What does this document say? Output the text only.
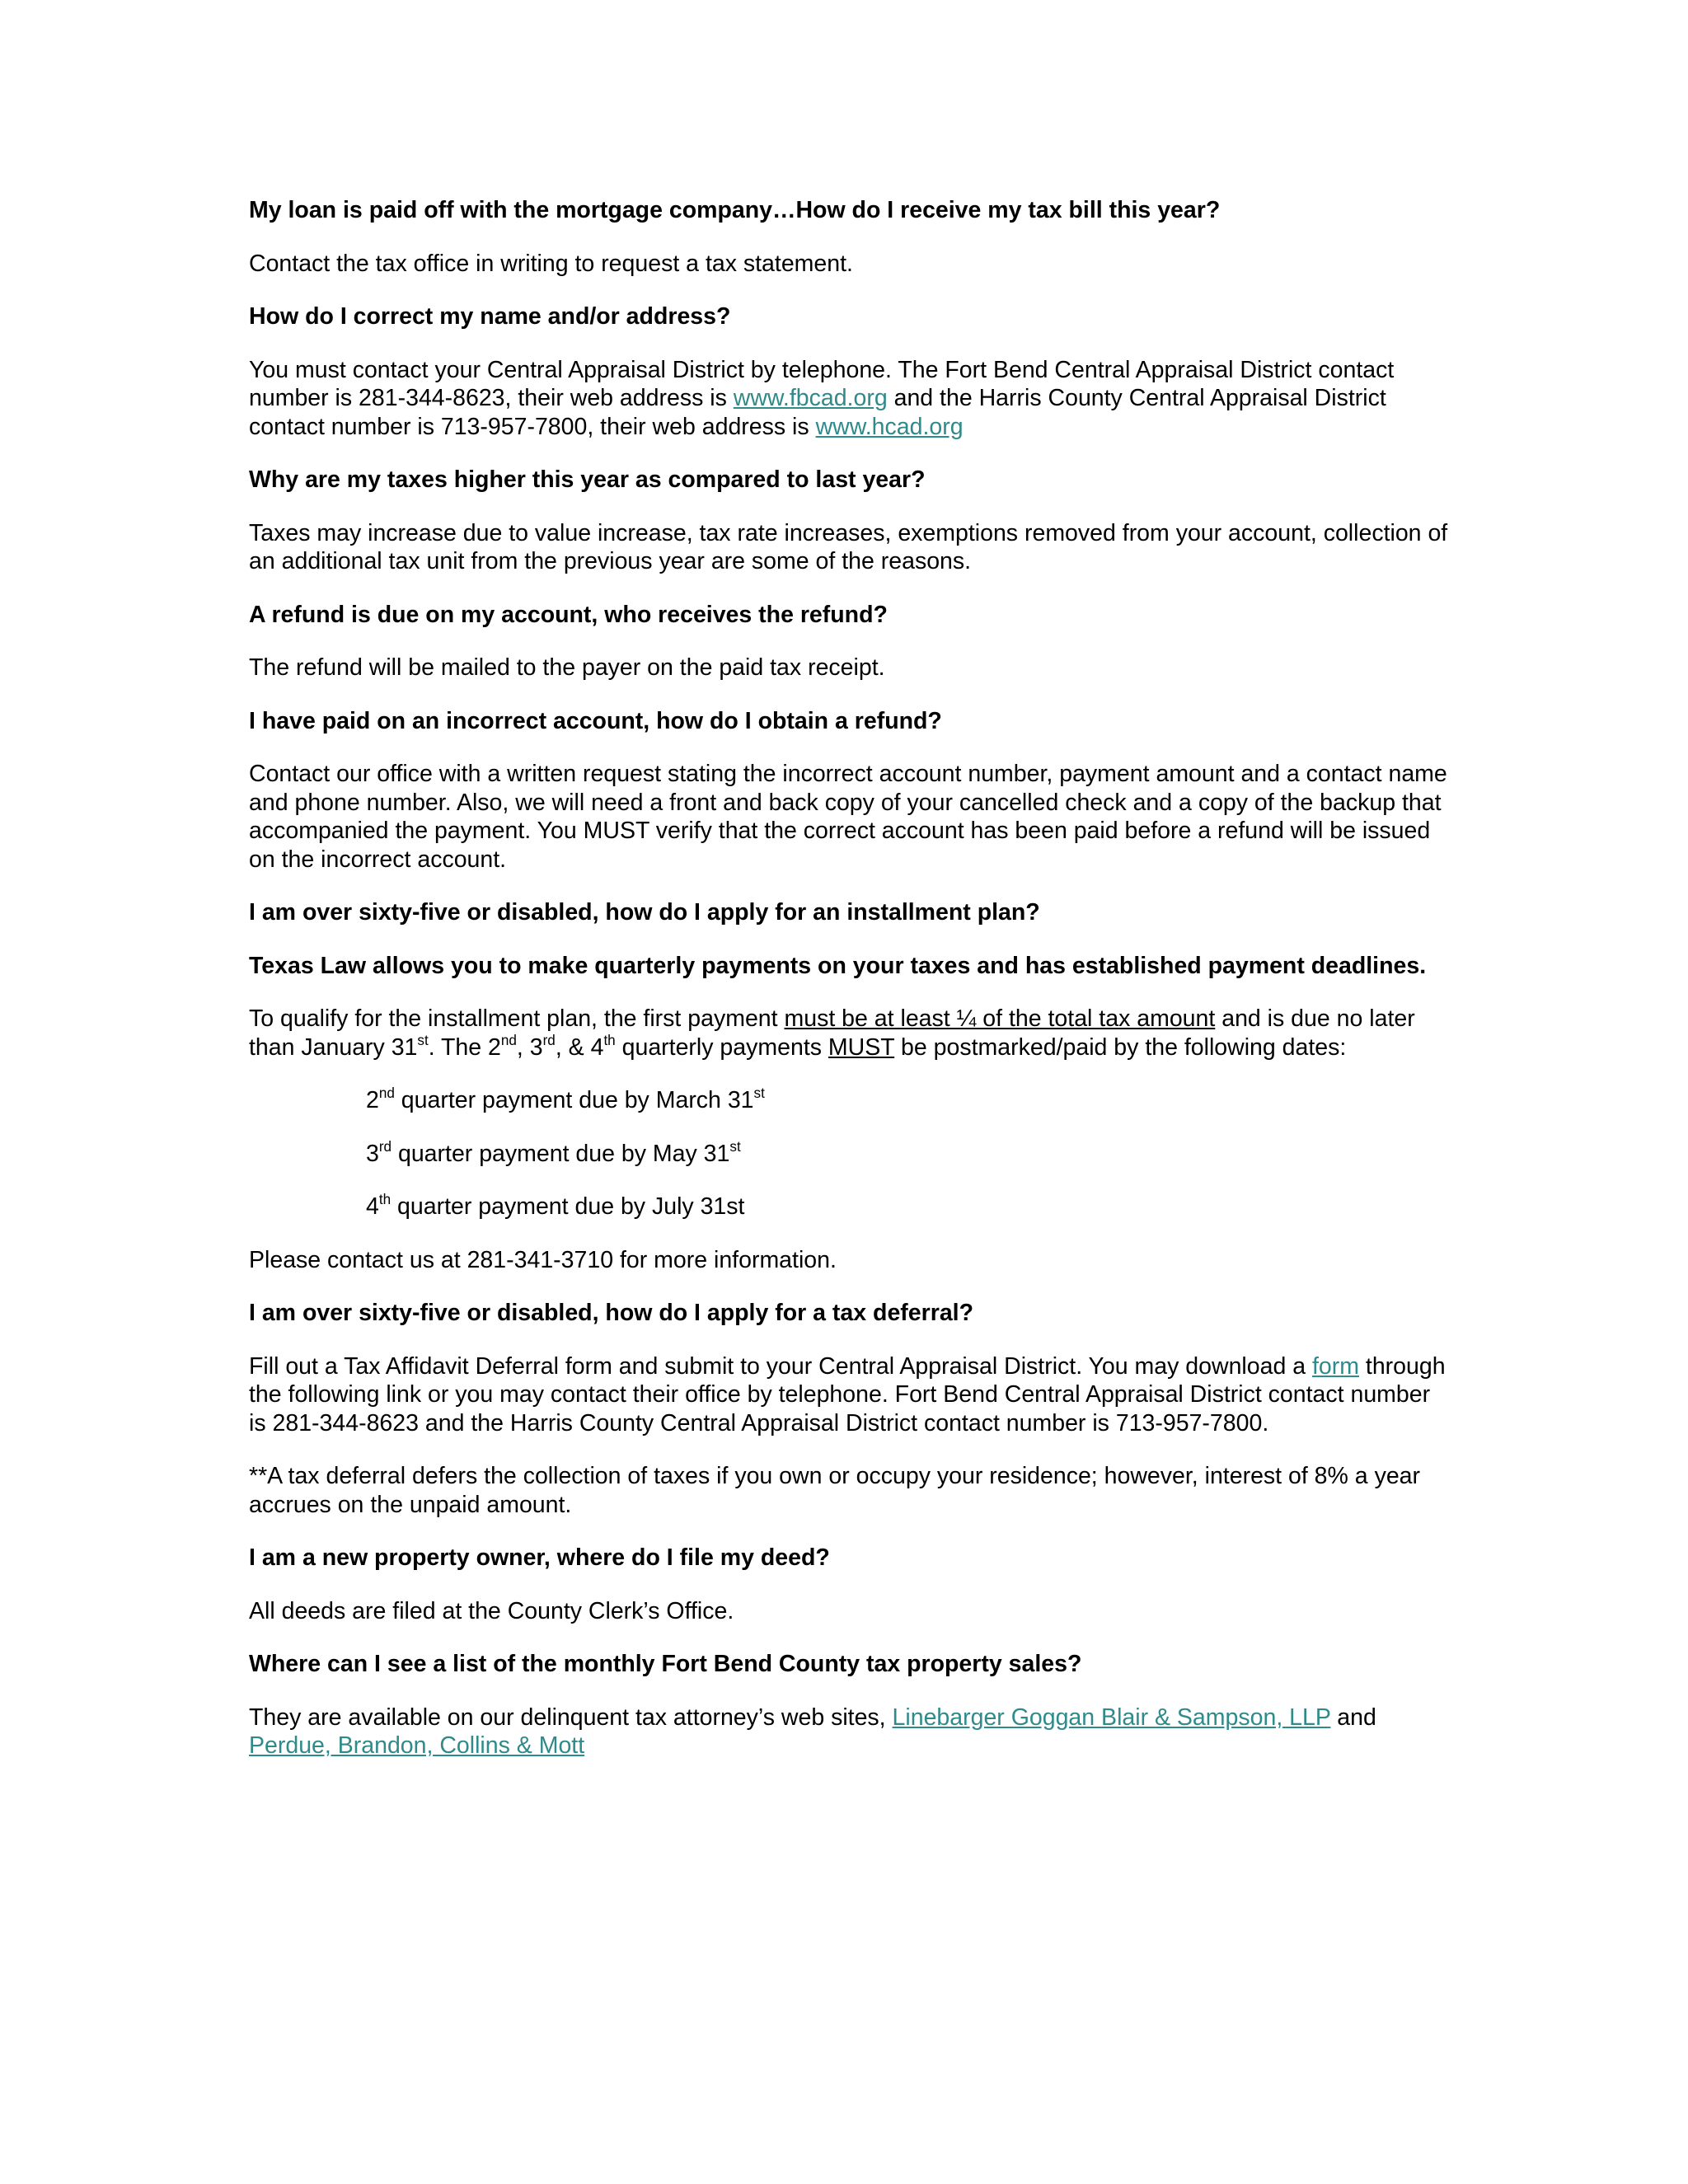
My loan is paid off with the mortgage company…How do I receive my tax bill this year?

Contact the tax office in writing to request a tax statement.

How do I correct my name and/or address?

You must contact your Central Appraisal District by telephone. The Fort Bend Central Appraisal District contact number is 281-344-8623, their web address is www.fbcad.org and the Harris County Central Appraisal District contact number is 713-957-7800, their web address is www.hcad.org

Why are my taxes higher this year as compared to last year?

Taxes may increase due to value increase, tax rate increases, exemptions removed from your account, collection of an additional tax unit from the previous year are some of the reasons.

A refund is due on my account, who receives the refund?

The refund will be mailed to the payer on the paid tax receipt.

I have paid on an incorrect account, how do I obtain a refund?

Contact our office with a written request stating the incorrect account number, payment amount and a contact name and phone number. Also, we will need a front and back copy of your cancelled check and a copy of the backup that accompanied the payment. You MUST verify that the correct account has been paid before a refund will be issued on the incorrect account.

I am over sixty-five or disabled, how do I apply for an installment plan?

Texas Law allows you to make quarterly payments on your taxes and has established payment deadlines.

To qualify for the installment plan, the first payment must be at least ¼ of the total tax amount and is due no later than January 31st. The 2nd, 3rd, & 4th quarterly payments MUST be postmarked/paid by the following dates:

2nd quarter payment due by March 31st

3rd quarter payment due by May 31st

4th quarter payment due by July 31st

Please contact us at 281-341-3710 for more information.

I am over sixty-five or disabled, how do I apply for a tax deferral?

Fill out a Tax Affidavit Deferral form and submit to your Central Appraisal District. You may download a form through the following link or you may contact their office by telephone. Fort Bend Central Appraisal District contact number is 281-344-8623 and the Harris County Central Appraisal District contact number is 713-957-7800.

**A tax deferral defers the collection of taxes if you own or occupy your residence; however, interest of 8% a year accrues on the unpaid amount.

I am a new property owner, where do I file my deed?

All deeds are filed at the County Clerk’s Office.

Where can I see a list of the monthly Fort Bend County tax property sales?

They are available on our delinquent tax attorney’s web sites, Linebarger Goggan Blair & Sampson, LLP and Perdue, Brandon, Collins & Mott
